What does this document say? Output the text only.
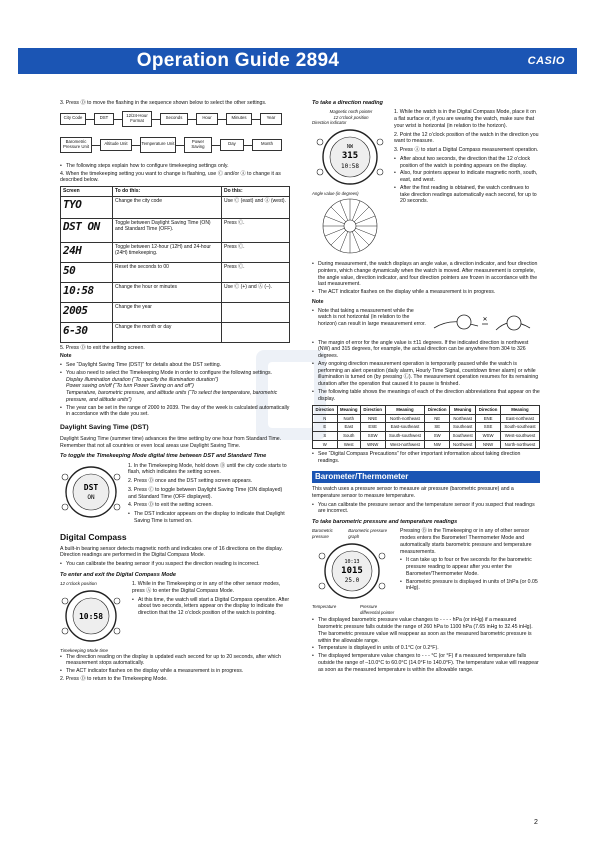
Operation Guide 2894	CASIO

3. Press Ⓓ to move the flashing in the sequence shown below to select the other settings.

City Code	DST	12/24-Hour Format	Seconds	Hour	Minutes	Year
Barometric Pressure Unit	Altitude Unit	Temperature Unit	Power Saving	Day	Month
• The following steps explain how to configure timekeeping settings only.

4. When the timekeeping setting you want to change is flashing, use Ⓒ and/or Ⓐ to change it as described below.

Screen	To do this:	Do this:
TYO	Change the city code	Use Ⓒ (east) and Ⓐ (west).
DST ON	Toggle between Daylight Saving Time (ON) and Standard Time (OFF).	Press Ⓒ.
24H	Toggle between 12-hour (12H) and 24-hour (24H) timekeeping.	Press Ⓒ.
50	Reset the seconds to 00	Press Ⓒ.
10:58	Change the hour or minutes	Use Ⓒ (+) and Ⓐ (–).
2005	Change the year	
6-30	Change the month or day	

5. Press Ⓓ to exit the setting screen.

Note

• See “Daylight Saving Time (DST)” for details about the DST setting.
• You also need to select the Timekeeping Mode in order to configure the following settings.
Display illumination duration (“To specify the illumination duration”)
Power saving on/off (“To turn Power Saving on and off”)
Temperature, barometric pressure, and altitude units (“To select the temperature, barometric pressure, and altitude units”)
• The year can be set in the range of 2000 to 2039. The day of the week is calculated automatically in accordance with the date you set.
Daylight Saving Time (DST)

Daylight Saving Time (summer time) advances the time setting by one hour from Standard Time. Remember that not all countries or even local areas use Daylight Saving Time.

To toggle the Timekeeping Mode digital time between DST and Standard Time
DST
ON

1. In the Timekeeping Mode, hold down Ⓓ until the city code starts to flash, which indicates the setting screen.

2. Press Ⓓ once and the DST setting screen appears.

3. Press Ⓒ to toggle between Daylight Saving Time (ON displayed) and Standard Time (OFF displayed).

4. Press Ⓓ to exit the setting screen.

• The DST indicator appears on the display to indicate that Daylight Saving Time is turned on.
Digital Compass

A built-in bearing sensor detects magnetic north and indicates one of 16 directions on the display. Direction readings are performed in the Digital Compass Mode.

• You can calibrate the bearing sensor if you suspect the direction reading is incorrect.
To enter and exit the Digital Compass Mode
12 o’clock position
10:58
Timekeeping Mode time

1. While in the Timekeeping or in any of the other sensor modes, press Ⓐ to enter the Digital Compass Mode.

• At this time, the watch will start a Digital Compass operation. After about two seconds, letters appear on the display to indicate the direction that the 12 o’clock position of the watch is pointing.
• The direction reading on the display is updated each second for up to 20 seconds, after which measurement stops automatically.
• The ACT indicator flashes on the display while a measurement is in progress.

2. Press Ⓓ to return to the Timekeeping Mode.

To take a direction reading
Magnetic north pointer
12 o’clock position
Direction indicator
NW
315
10:58
Angle value (in degrees)

1. While the watch is in the Digital Compass Mode, place it on a flat surface or, if you are wearing the watch, make sure that your wrist is horizontal (in relation to the horizon).

2. Point the 12 o’clock position of the watch in the direction you want to measure.

3. Press Ⓐ to start a Digital Compass measurement operation.

• After about two seconds, the direction that the 12 o’clock position of the watch is pointing appears on the display.
• Also, four pointers appear to indicate magnetic north, south, east, and west.
• After the first reading is obtained, the watch continues to take direction readings automatically each second, for up to 20 seconds.
• During measurement, the watch displays an angle value, a direction indicator, and four direction pointers, which change dynamically when the watch is moved. After measurement is complete, the angle value, direction indicator, and four direction pointers are frozen in accordance with the last measurement.
• The ACT indicator flashes on the display while a measurement is in progress.

Note

• Note that taking a measurement while the watch is not horizontal (in relation to the horizon) can result in large measurement error.
✕
• The margin of error for the angle value is ±11 degrees. If the indicated direction is northwest (NW) and 315 degrees, for example, the actual direction can be anywhere from 304 to 326 degrees.
• Any ongoing direction measurement operation is temporarily paused while the watch is performing an alert operation (daily alarm, Hourly Time Signal, countdown timer alarm) or while illumination is turned on (by pressing Ⓛ). The measurement operation resumes for its remaining duration after the operation that caused it to pause is finished.
• The following table shows the meanings of each of the direction abbreviations that appear on the display.
Direction	Meaning	Direction	Meaning	Direction	Meaning	Direction	Meaning
N	North	NNE	North-northeast	NE	Northeast	ENE	East-northeast
E	East	ESE	East-southeast	SE	Southeast	SSE	South-southeast
S	South	SSW	South-southwest	SW	Southwest	WSW	West-southwest
W	West	WNW	West-northwest	NW	Northwest	NNW	North-northwest
• See “Digital Compass Precautions” for other important information about taking direction readings.
Barometer/Thermometer

This watch uses a pressure sensor to measure air pressure (barometric pressure) and a temperature sensor to measure temperature.

• You can calibrate the pressure sensor and the temperature sensor if you suspect that readings are incorrect.
To take barometric pressure and temperature readings
Barometric pressure
Barometric pressure graph
10:13
1015
25.0
Temperature	Pressure differential pointer

Pressing Ⓑ in the Timekeeping or in any of other sensor modes enters the Barometer/ Thermometer Mode and automatically starts barometric pressure and temperature measurements.

• It can take up to four or five seconds for the barometric pressure reading to appear after you enter the Barometer/Thermometer Mode.
• Barometric pressure is displayed in units of 1hPa (or 0.05 inHg).
• The displayed barometric pressure value changes to - - - - hPa (or inHg) if a measured barometric pressure falls outside the range of 260 hPa to 1100 hPa (7.65 inHg to 32.45 inHg). The barometric pressure value will reappear as soon as the measured barometric pressure is within the allowable range.
• Temperature is displayed in units of 0.1°C (or 0.2°F).
• The displayed temperature value changes to - - - °C (or °F) if a measured temperature falls outside the range of –10.0°C to 60.0°C (14.0°F to 140.0°F). The temperature value will reappear as soon as the measured temperature is within the allowable range.
2
